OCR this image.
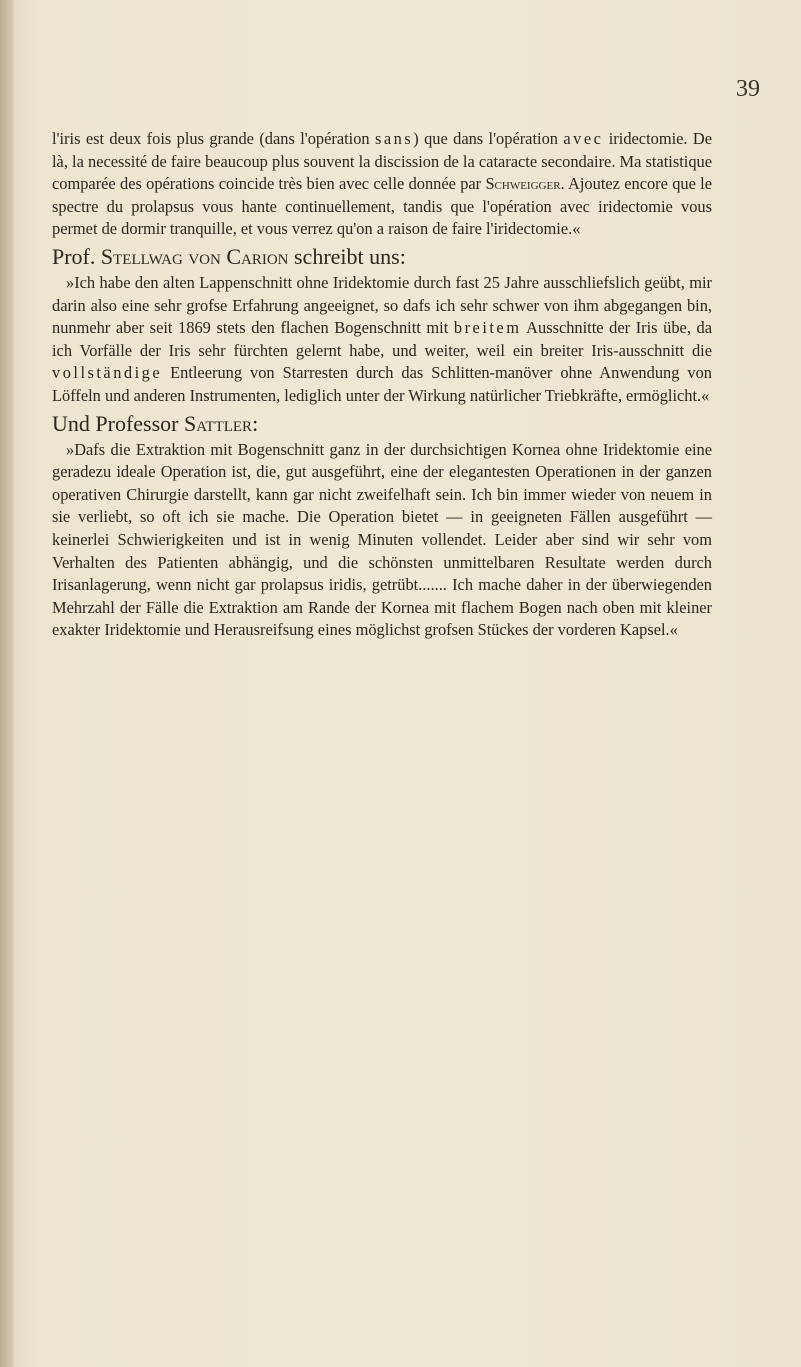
39

l'iris est deux fois plus grande (dans l'opération sans) que dans l'opération avec iridectomie. De là, la necessité de faire beaucoup plus souvent la discission de la cataracte secondaire. Ma statistique comparée des opérations coincide très bien avec celle donnée par Schweigger. Ajoutez encore que le spectre du prolapsus vous hante continuellement, tandis que l'opération avec iridectomie vous permet de dormir tranquille, et vous verrez qu'on a raison de faire l'iridectomie.«

Prof. Stellwag von Carion schreibt uns:

»Ich habe den alten Lappenschnitt ohne Iridektomie durch fast 25 Jahre ausschliefslich geübt, mir darin also eine sehr grofse Erfahrung angeeignet, so dafs ich sehr schwer von ihm abgegangen bin, nunmehr aber seit 1869 stets den flachen Bogenschnitt mit breitem Ausschnitte der Iris übe, da ich Vorfälle der Iris sehr fürchten gelernt habe, und weiter, weil ein breiter Iris-ausschnitt die vollständige Entleerung von Starresten durch das Schlitten-manöver ohne Anwendung von Löffeln und anderen Instrumenten, lediglich unter der Wirkung natürlicher Triebkräfte, ermöglicht.«

Und Professor Sattler:

»Dafs die Extraktion mit Bogenschnitt ganz in der durchsichtigen Kornea ohne Iridektomie eine geradezu ideale Operation ist, die, gut ausgeführt, eine der elegantesten Operationen in der ganzen operativen Chirurgie darstellt, kann gar nicht zweifelhaft sein. Ich bin immer wieder von neuem in sie verliebt, so oft ich sie mache. Die Operation bietet — in geeigneten Fällen ausgeführt — keinerlei Schwierigkeiten und ist in wenig Minuten vollendet. Leider aber sind wir sehr vom Verhalten des Patienten abhängig, und die schönsten unmittelbaren Resultate werden durch Irisanlagerung, wenn nicht gar prolapsus iridis, getrübt....... Ich mache daher in der überwiegenden Mehrzahl der Fälle die Extraktion am Rande der Kornea mit flachem Bogen nach oben mit kleiner exakter Iridektomie und Herausreifsung eines möglichst grofsen Stückes der vorderen Kapsel.«
